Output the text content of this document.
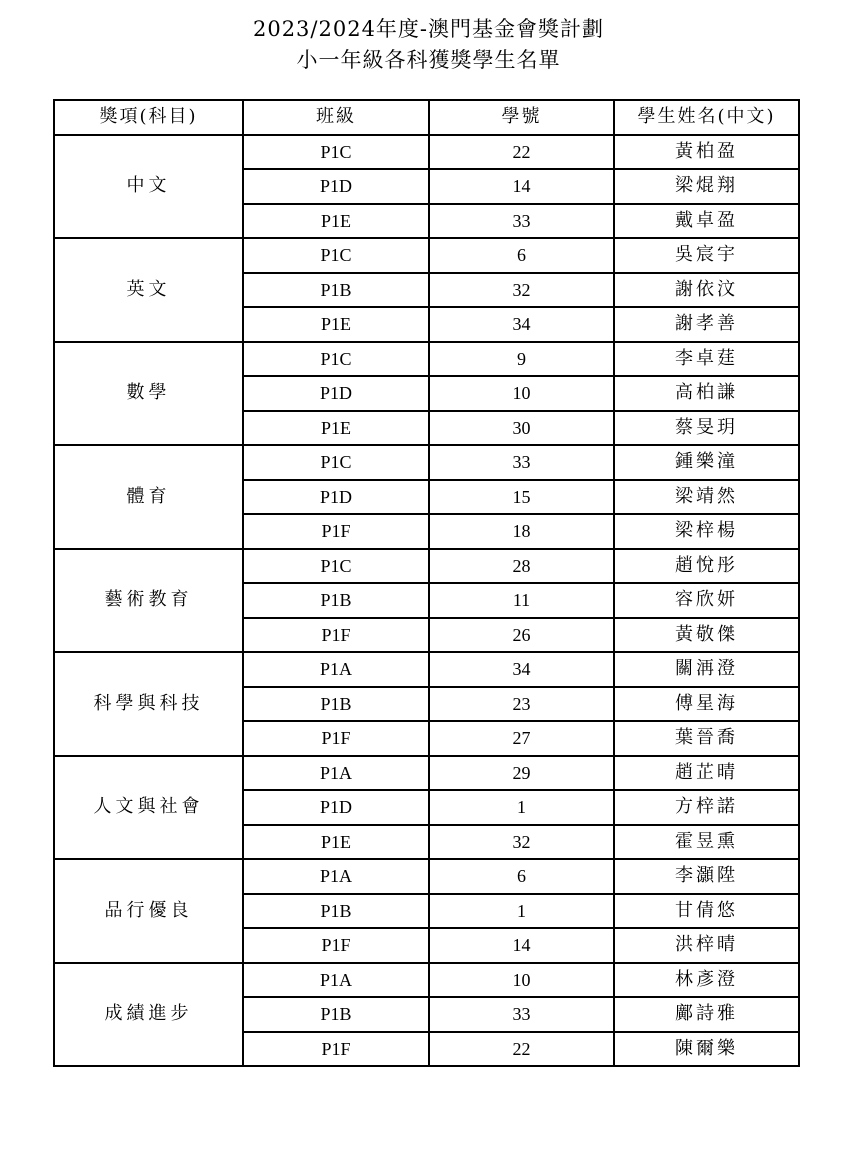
2023/2024年度-澳門基金會獎計劃
小一年級各科獲獎學生名單
獎項(科目)	班級	學號	學生姓名(中文)
中文	P1C	22	黃柏盈
	P1D	14	梁焜翔
	P1E	33	戴卓盈
英文	P1C	6	吳宸宇
	P1B	32	謝依汶
	P1E	34	謝孝善
數學	P1C	9	李卓莛
	P1D	10	高柏謙
	P1E	30	蔡旻玥
體育	P1C	33	鍾樂潼
	P1D	15	梁靖然
	P1F	18	梁梓楊
藝術教育	P1C	28	趙悅彤
	P1B	11	容欣妍
	P1F	26	黃敬傑
科學與科技	P1A	34	關洅澄
	P1B	23	傅星海
	P1F	27	葉晉喬
人文與社會	P1A	29	趙芷晴
	P1D	1	方梓諾
	P1E	32	霍昱熏
品行優良	P1A	6	李灝陞
	P1B	1	甘倩悠
	P1F	14	洪梓晴
成績進步	P1A	10	林彥澄
	P1B	33	鄺詩雅
	P1F	22	陳爾樂
